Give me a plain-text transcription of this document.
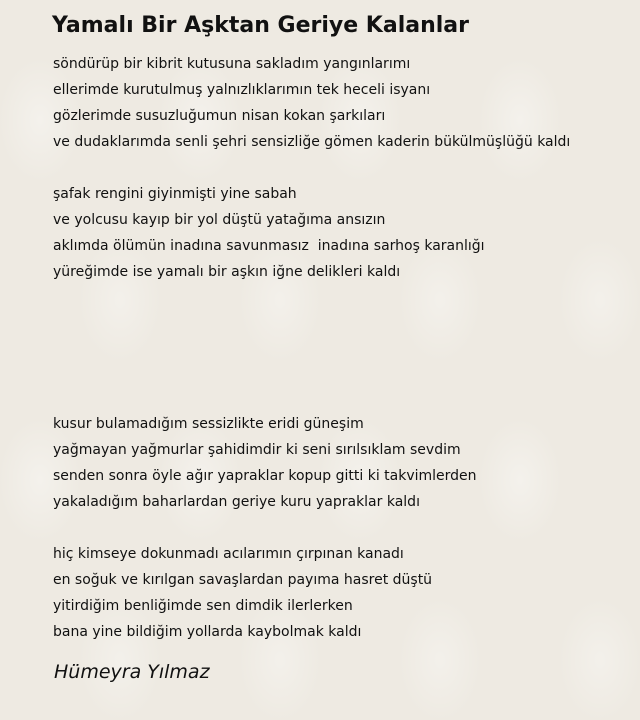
Yamalı Bir Aşktan Geriye Kalanlar
söndürüp bir kibrit kutusuna sakladım yangınlarımı
ellerimde kurutulmuş yalnızlıklarımın tek heceli isyanı
gözlerimde susuzluğumun nisan kokan şarkıları
ve dudaklarımda senli şehri sensizliğe gömen kaderin bükülmüşlüğü kaldı
şafak rengini giyinmişti yine sabah
ve yolcusu kayıp bir yol düştü yatağıma ansızın
aklımda ölümün inadına savunmasız  inadına sarhoş karanlığı
yüreğimde ise yamalı bir aşkın iğne delikleri kaldı
kusur bulamadığım sessizlikte eridi güneşim
yağmayan yağmurlar şahidimdir ki seni sırılsıklam sevdim
senden sonra öyle ağır yapraklar kopup gitti ki takvimlerden
yakaladığım baharlardan geriye kuru yapraklar kaldı
hiç kimseye dokunmadı acılarımın çırpınan kanadı
en soğuk ve kırılgan savaşlardan payıma hasret düştü
yitirdiğim benliğimde sen dimdik ilerlerken
bana yine bildiğim yollarda kaybolmak kaldı
Hümeyra Yılmaz
